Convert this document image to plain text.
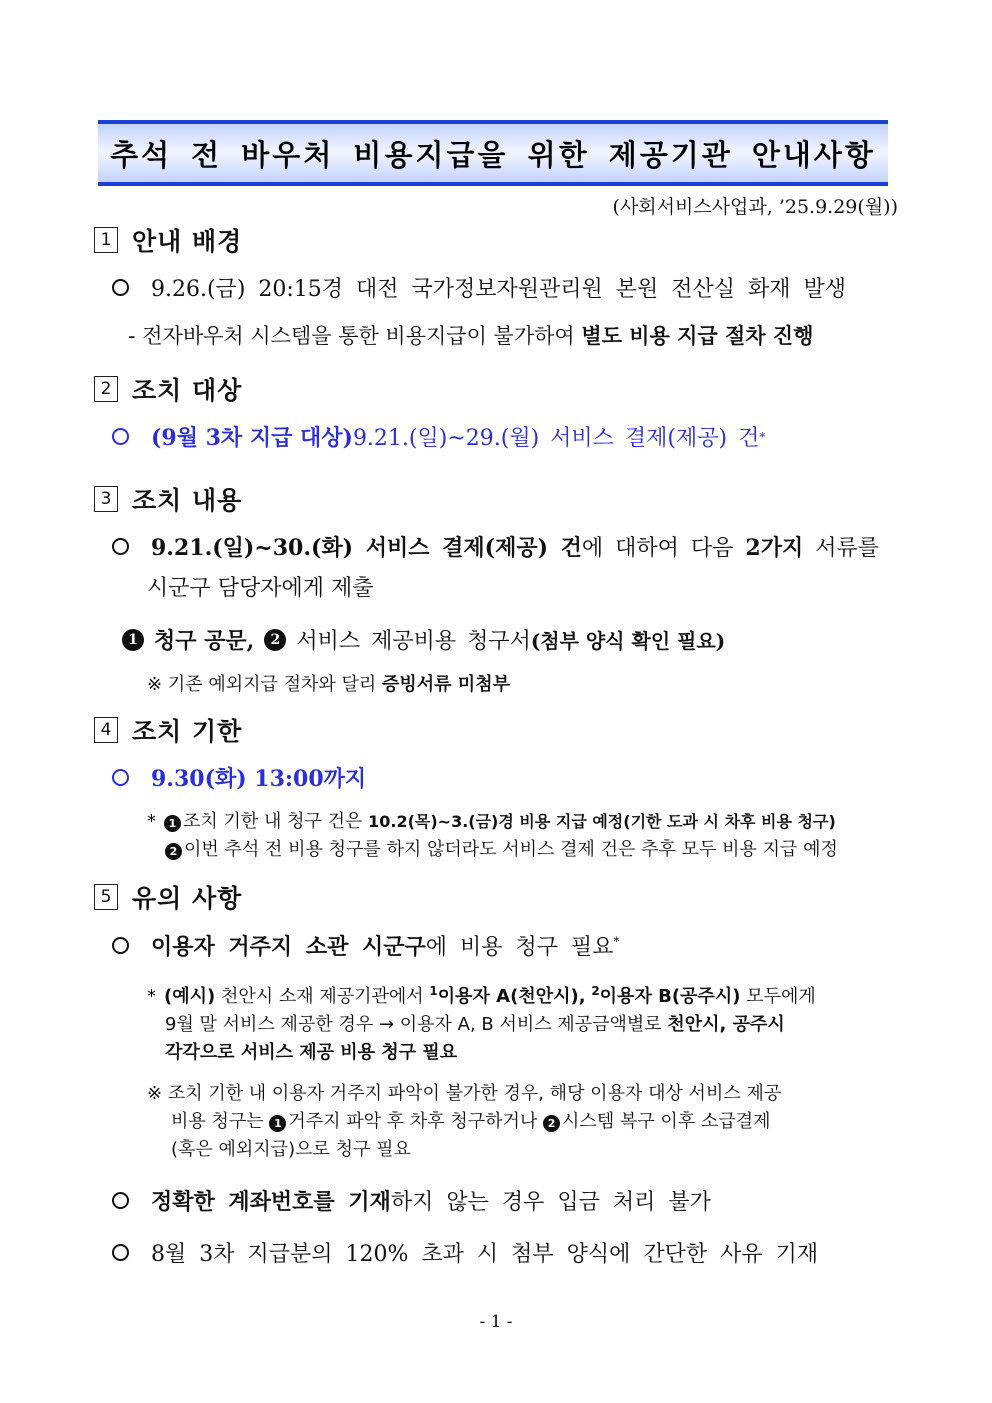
추석 전 바우처 비용지급을 위한 제공기관 안내사항
(사회서비스사업과, ’25.9.29(월))
1 안내 배경
9.26.(금) 20:15경 대전 국가정보자원관리원 본원 전산실 화재 발생
- 전자바우처 시스템을 통한 비용지급이 불가하여 별도 비용 지급 절차 진행
2 조치 대상
(9월 3차 지급 대상) 9.21.(일)~29.(월) 서비스 결제(제공) 건 *
3 조치 내용
9.21.(일)~30.(화) 서비스 결제(제공) 건에 대하여 다음 2가지 서류를
시군구 담당자에게 제출
1 청구 공문,	2 서비스 제공비용 청구서 (첨부 양식 확인 필요)
※ 기존 예외지급 절차와 달리 증빙서류 미첨부
4 조치 기한
9.30(화) 13:00까지
* 1 조치 기한 내 청구 건은 10.2(목)~3.(금)경 비용 지급 예정(기한 도과 시 차후 비용 청구)
2 이번 추석 전 비용 청구를 하지 않더라도 서비스 결제 건은 추후 모두 비용 지급 예정
5 유의 사항
이용자 거주지 소관 시군구에 비용 청구 필요*
* (예시) 천안시 소재 제공기관에서 $^1$이용자 A(천안시), $^2$이용자 B(공주시) 모두에게
9월 말 서비스 제공한 경우 → 이용자 A, B 서비스 제공금액별로 천안시, 공주시
각각으로 서비스 제공 비용 청구 필요
※ 조치 기한 내 이용자 거주지 파악이 불가한 경우, 해당 이용자 대상 서비스 제공
비용 청구는 1 거주지 파악 후 차후 청구하거나 2 시스템 복구 이후 소급결제
(혹은 예외지급)으로 청구 필요
정확한 계좌번호를 기재하지 않는 경우 입금 처리 불가
8월 3차 지급분의 120% 초과 시 첨부 양식에 간단한 사유 기재
- 1 -
